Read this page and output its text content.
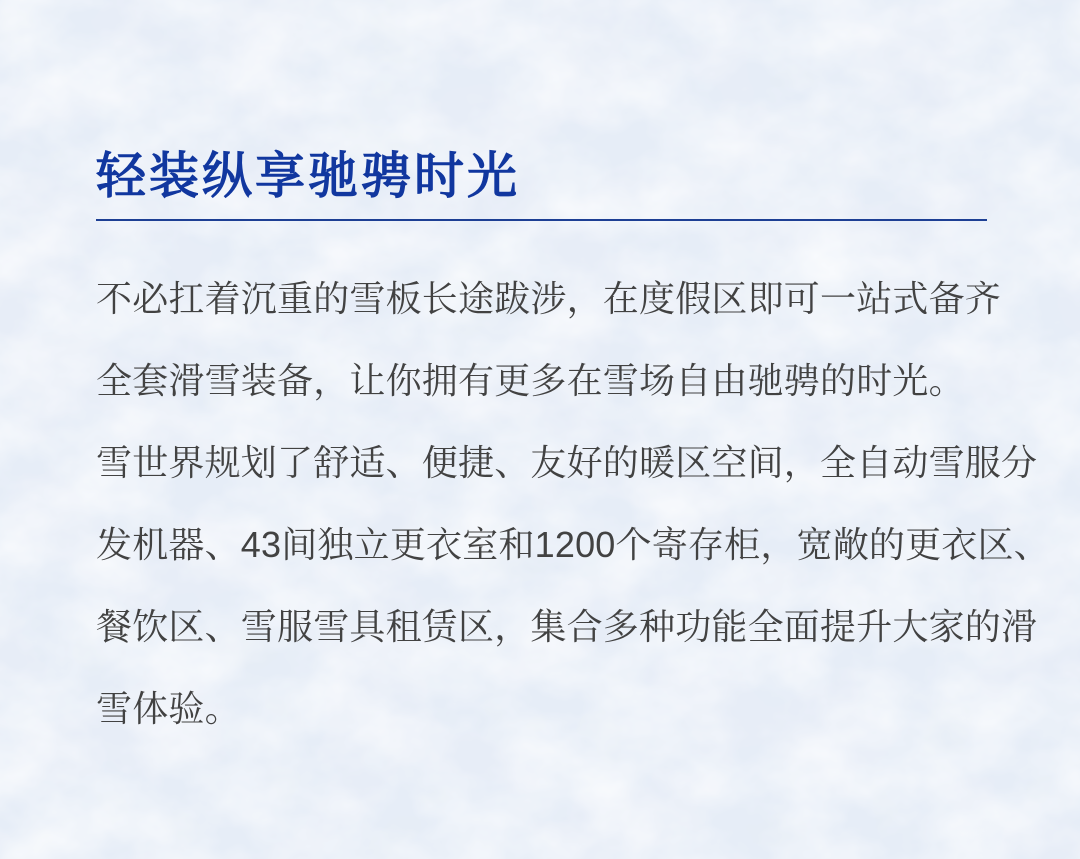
轻装纵享驰骋时光
不必扛着沉重的雪板长途跋涉，在度假区即可一站式备齐
全套滑雪装备，让你拥有更多在雪场自由驰骋的时光。
雪世界规划了舒适、便捷、友好的暖区空间，全自动雪服分
发机器、43间独立更衣室和1200个寄存柜，宽敞的更衣区、
餐饮区、雪服雪具租赁区，集合多种功能全面提升大家的滑
雪体验。
